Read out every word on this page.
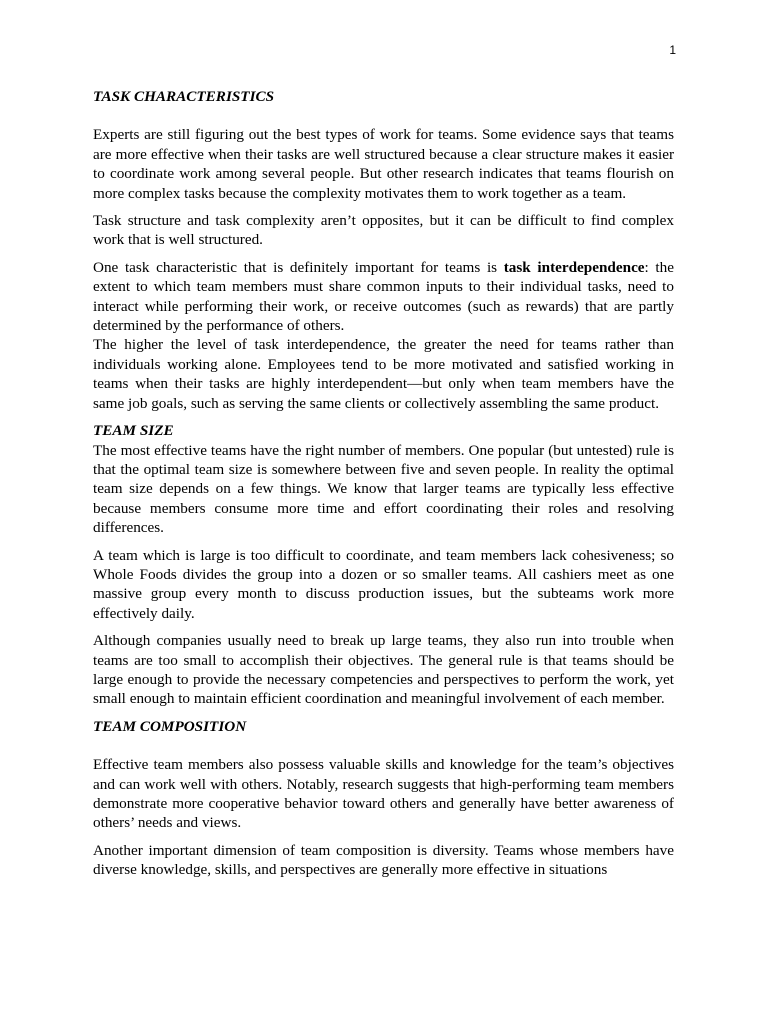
1
TASK CHARACTERISTICS

Experts are still figuring out the best types of work for teams. Some evidence says that teams are more effective when their tasks are well structured because a clear structure makes it easier to coordinate work among several people. But other research indicates that teams flourish on more complex tasks because the complexity motivates them to work together as a team.

Task structure and task complexity aren’t opposites, but it can be difficult to find complex work that is well structured.

One task characteristic that is definitely important for teams is task interdependence: the extent to which team members must share common inputs to their individual tasks, need to interact while performing their work, or receive outcomes (such as rewards) that are partly determined by the performance of others.

The higher the level of task interdependence, the greater the need for teams rather than individuals working alone. Employees tend to be more motivated and satisfied working in teams when their tasks are highly interdependent—but only when team members have the same job goals, such as serving the same clients or collectively assembling the same product.

TEAM SIZE

The most effective teams have the right number of members. One popular (but untested) rule is that the optimal team size is somewhere between five and seven people. In reality the optimal team size depends on a few things. We know that larger teams are typically less effective because members consume more time and effort coordinating their roles and resolving differences.

A team which is large is too difficult to coordinate, and team members lack cohesiveness; so Whole Foods divides the group into a dozen or so smaller teams. All cashiers meet as one massive group every month to discuss production issues, but the subteams work more effectively daily.

Although companies usually need to break up large teams, they also run into trouble when teams are too small to accomplish their objectives. The general rule is that teams should be large enough to provide the necessary competencies and perspectives to perform the work, yet small enough to maintain efficient coordination and meaningful involvement of each member.

TEAM COMPOSITION

Effective team members also possess valuable skills and knowledge for the team’s objectives and can work well with others. Notably, research suggests that high-performing team members demonstrate more cooperative behavior toward others and generally have better awareness of others’ needs and views.

Another important dimension of team composition is diversity. Teams whose members have diverse knowledge, skills, and perspectives are generally more effective in situations
